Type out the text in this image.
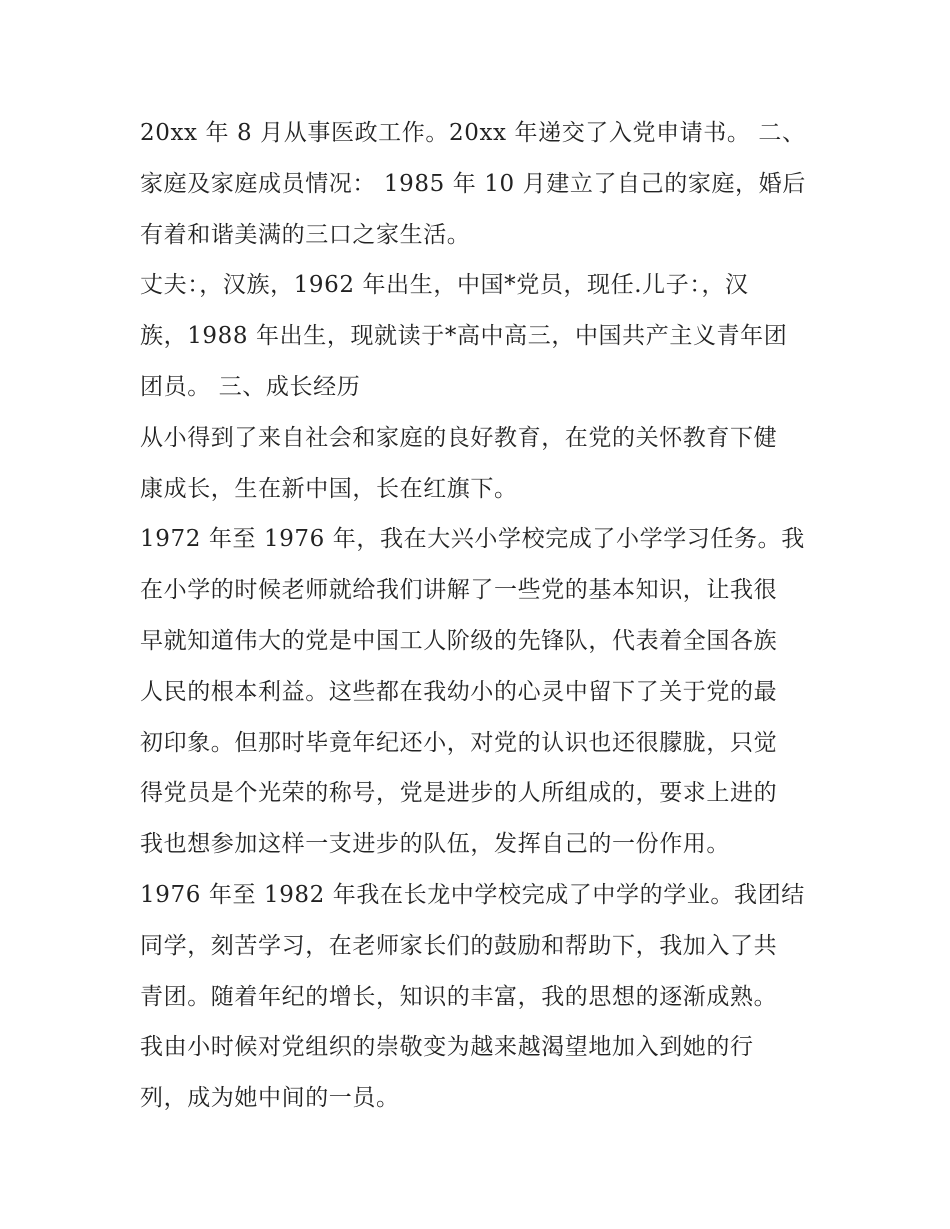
20xx 年 8 月从事医政工作。20xx 年递交了入党申请书。 二、
家庭及家庭成员情况： 1985 年 10 月建立了自己的家庭，婚后
有着和谐美满的三口之家生活。

丈夫：，汉族，1962 年出生，中国*党员，现任.儿子：，汉
族，1988 年出生，现就读于*高中高三，中国共产主义青年团
团员。 三、成长经历

从小得到了来自社会和家庭的良好教育，在党的关怀教育下健
康成长，生在新中国，长在红旗下。

1972 年至 1976 年，我在大兴小学校完成了小学学习任务。我
在小学的时候老师就给我们讲解了一些党的基本知识，让我很
早就知道伟大的党是中国工人阶级的先锋队，代表着全国各族
人民的根本利益。这些都在我幼小的心灵中留下了关于党的最
初印象。但那时毕竟年纪还小，对党的认识也还很朦胧，只觉
得党员是个光荣的称号，党是进步的人所组成的，要求上进的
我也想参加这样一支进步的队伍，发挥自己的一份作用。

1976 年至 1982 年我在长龙中学校完成了中学的学业。我团结
同学，刻苦学习，在老师家长们的鼓励和帮助下，我加入了共
青团。随着年纪的增长，知识的丰富，我的思想的逐渐成熟。
我由小时候对党组织的崇敬变为越来越渴望地加入到她的行
列，成为她中间的一员。
